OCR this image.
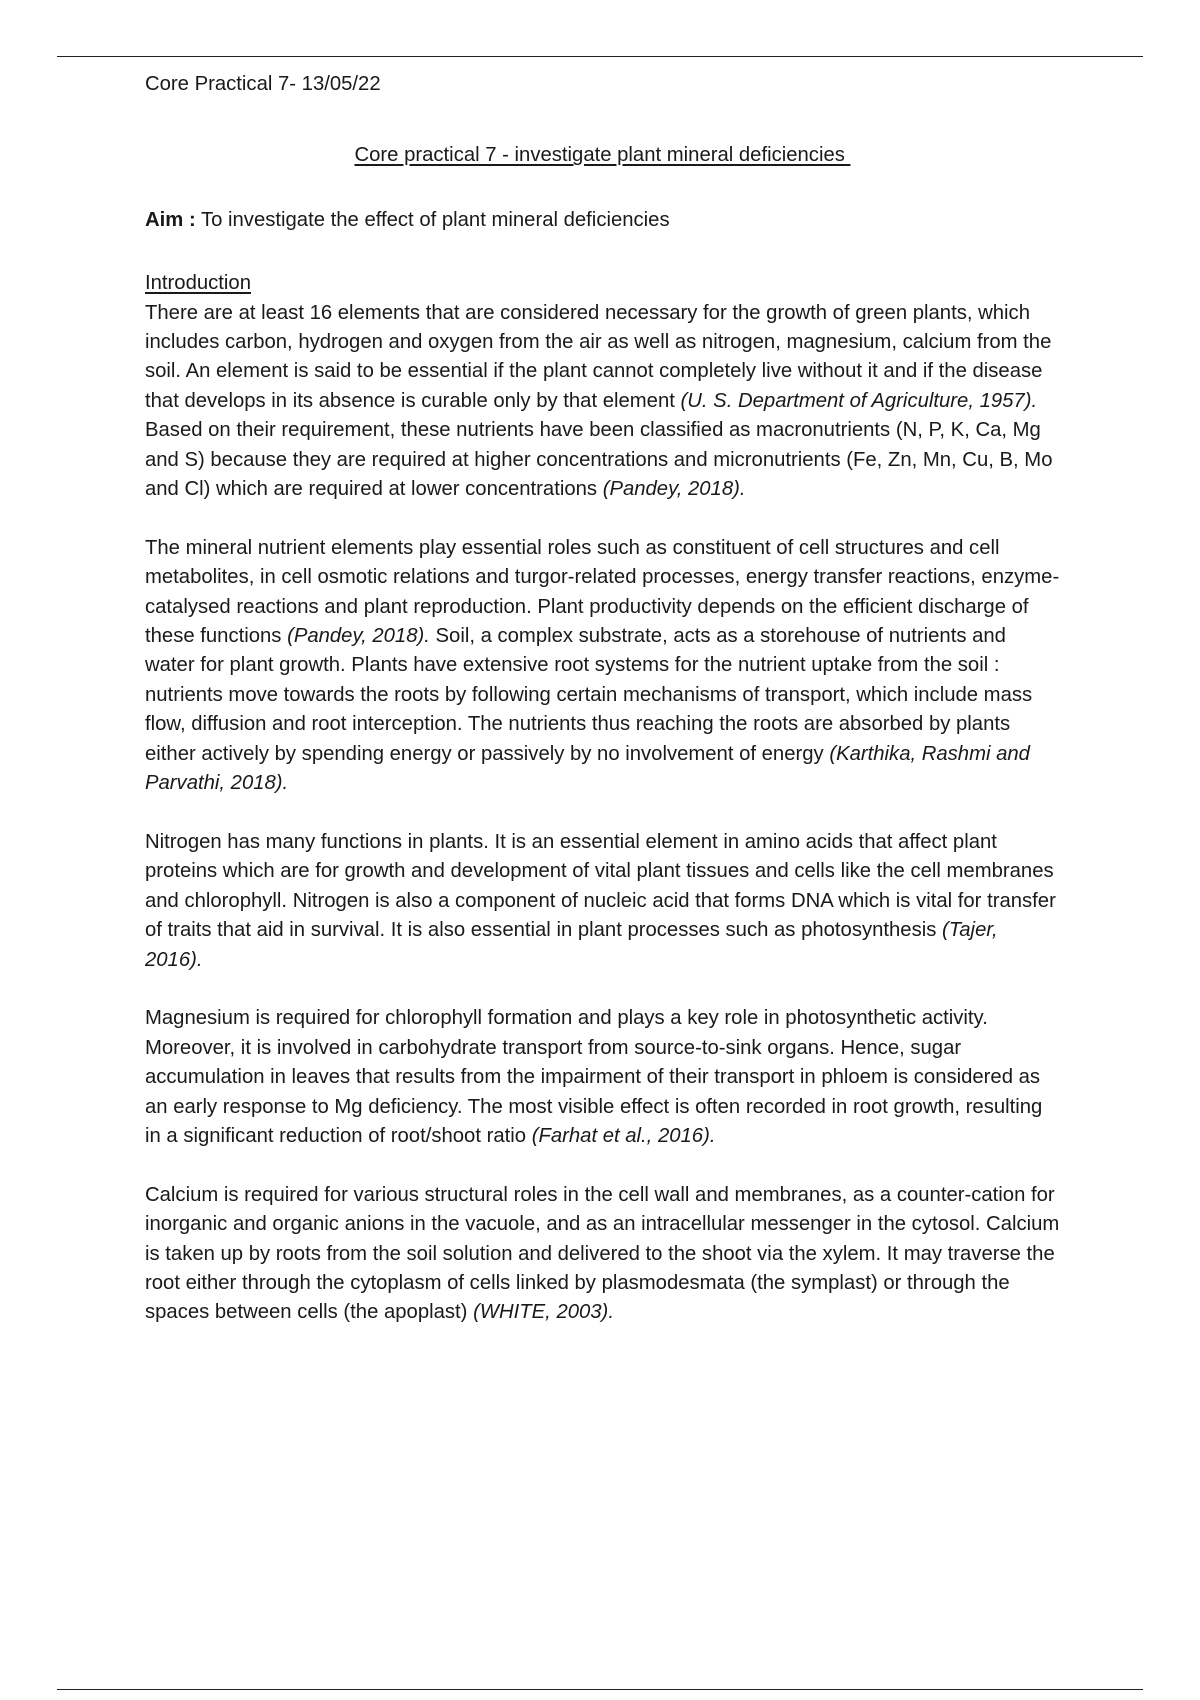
Core Practical 7- 13/05/22

Core practical 7 - investigate plant mineral deficiencies

Aim : To investigate the effect of plant mineral deficiencies

Introduction

There are at least 16 elements that are considered necessary for the growth of green plants, which includes carbon, hydrogen and oxygen from the air as well as nitrogen, magnesium, calcium from the soil. An element is said to be essential if the plant cannot completely live without it and if the disease that develops in its absence is curable only by that element (U. S. Department of Agriculture, 1957). Based on their requirement, these nutrients have been classified as macronutrients (N, P, K, Ca, Mg and S) because they are required at higher concentrations and micronutrients (Fe, Zn, Mn, Cu, B, Mo and Cl) which are required at lower concentrations (Pandey, 2018).

The mineral nutrient elements play essential roles such as constituent of cell structures and cell metabolites, in cell osmotic relations and turgor-related processes, energy transfer reactions, enzyme-catalysed reactions and plant reproduction. Plant productivity depends on the efficient discharge of these functions (Pandey, 2018). Soil, a complex substrate, acts as a storehouse of nutrients and water for plant growth. Plants have extensive root systems for the nutrient uptake from the soil : nutrients move towards the roots by following certain mechanisms of transport, which include mass flow, diffusion and root interception. The nutrients thus reaching the roots are absorbed by plants either actively by spending energy or passively by no involvement of energy (Karthika, Rashmi and Parvathi, 2018).

Nitrogen has many functions in plants. It is an essential element in amino acids that affect plant proteins which are for growth and development of vital plant tissues and cells like the cell membranes and chlorophyll. Nitrogen is also a component of nucleic acid that forms DNA which is vital for transfer of traits that aid in survival. It is also essential in plant processes such as photosynthesis (Tajer, 2016).

Magnesium is required for chlorophyll formation and plays a key role in photosynthetic activity. Moreover, it is involved in carbohydrate transport from source-to-sink organs. Hence, sugar accumulation in leaves that results from the impairment of their transport in phloem is considered as an early response to Mg deficiency. The most visible effect is often recorded in root growth, resulting in a significant reduction of root/shoot ratio (Farhat et al., 2016).

Calcium is required for various structural roles in the cell wall and membranes, as a counter-cation for inorganic and organic anions in the vacuole, and as an intracellular messenger in the cytosol. Calcium is taken up by roots from the soil solution and delivered to the shoot via the xylem. It may traverse the root either through the cytoplasm of cells linked by plasmodesmata (the symplast) or through the spaces between cells (the apoplast) (WHITE, 2003).
